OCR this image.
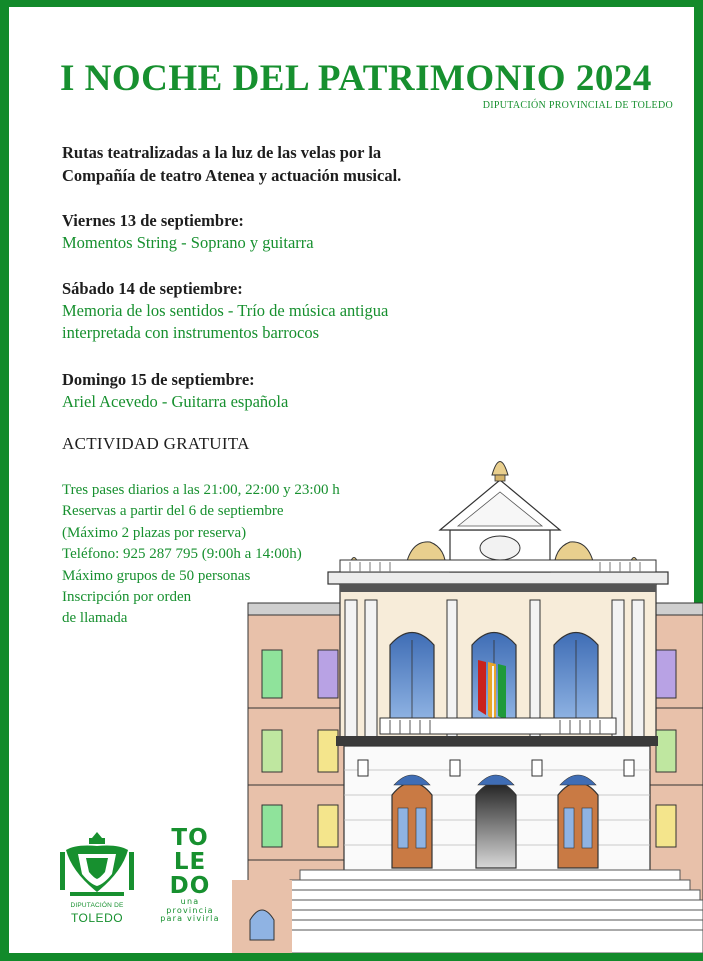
I NOCHE DEL PATRIMONIO 2024
DIPUTACIÓN PROVINCIAL DE TOLEDO
Rutas teatralizadas a la luz de las velas por la
Compañía de teatro Atenea y actuación musical.
Viernes 13 de septiembre:
Momentos String - Soprano y guitarra
Sábado 14 de septiembre:
Memoria de los sentidos - Trío de música antigua
interpretada con instrumentos barrocos
Domingo 15 de septiembre:
Ariel Acevedo - Guitarra española
ACTIVIDAD GRATUITA
Tres pases diarios a las 21:00, 22:00 y 23:00 h
Reservas a partir del 6 de septiembre
(Máximo 2 plazas por reserva)
Teléfono: 925 287 795 (9:00h a 14:00h)
Máximo grupos de 50 personas
Inscripción por orden
de llamada
DIPUTACIÓN DE
TOLEDO
TO
LE
DO
una
provincia
para vivirla
